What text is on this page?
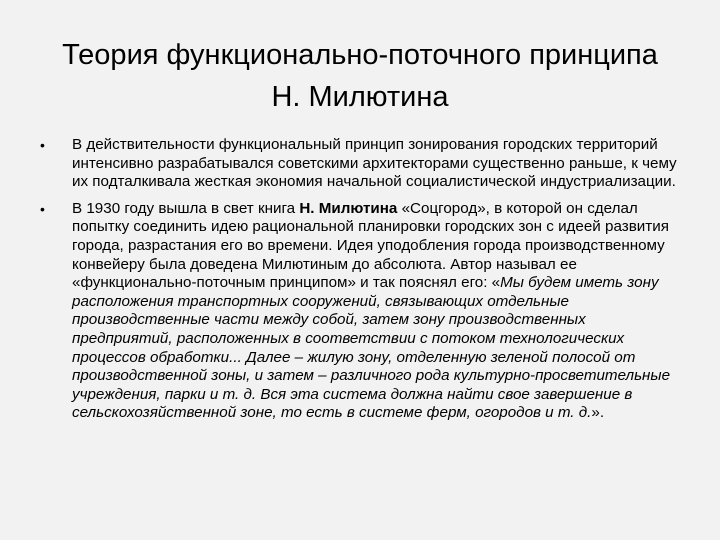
Теория функционально-поточного принципа
Н. Милютина
•	В действительности функциональный принцип зонирования городских территорий интенсивно разрабатывался советскими архитекторами существенно раньше, к чему их подталкивала жесткая экономия начальной социалистической индустриализации.
•	В 1930 году вышла в свет книга Н. Милютина «Соцгород», в которой он сделал попытку соединить идею рациональной планировки городских зон с идеей развития города, разрастания его во времени. Идея уподобления города производственному конвейеру была доведена Милютиным до абсолюта. Автор называл ее «функционально-поточным принципом» и так пояснял его: «Мы будем иметь зону расположения транспортных сооружений, связывающих отдельные производственные части между собой, затем зону производственных предприятий, расположенных в соответствии с потоком технологических процессов обработки... Далее – жилую зону, отделенную зеленой полосой от производственной зоны, и затем – различного рода культурно-просветительные учреждения, парки и т. д. Вся эта система должна найти свое завершение в сельскохозяйственной зоне, то есть в системе ферм, огородов и т. д.».
